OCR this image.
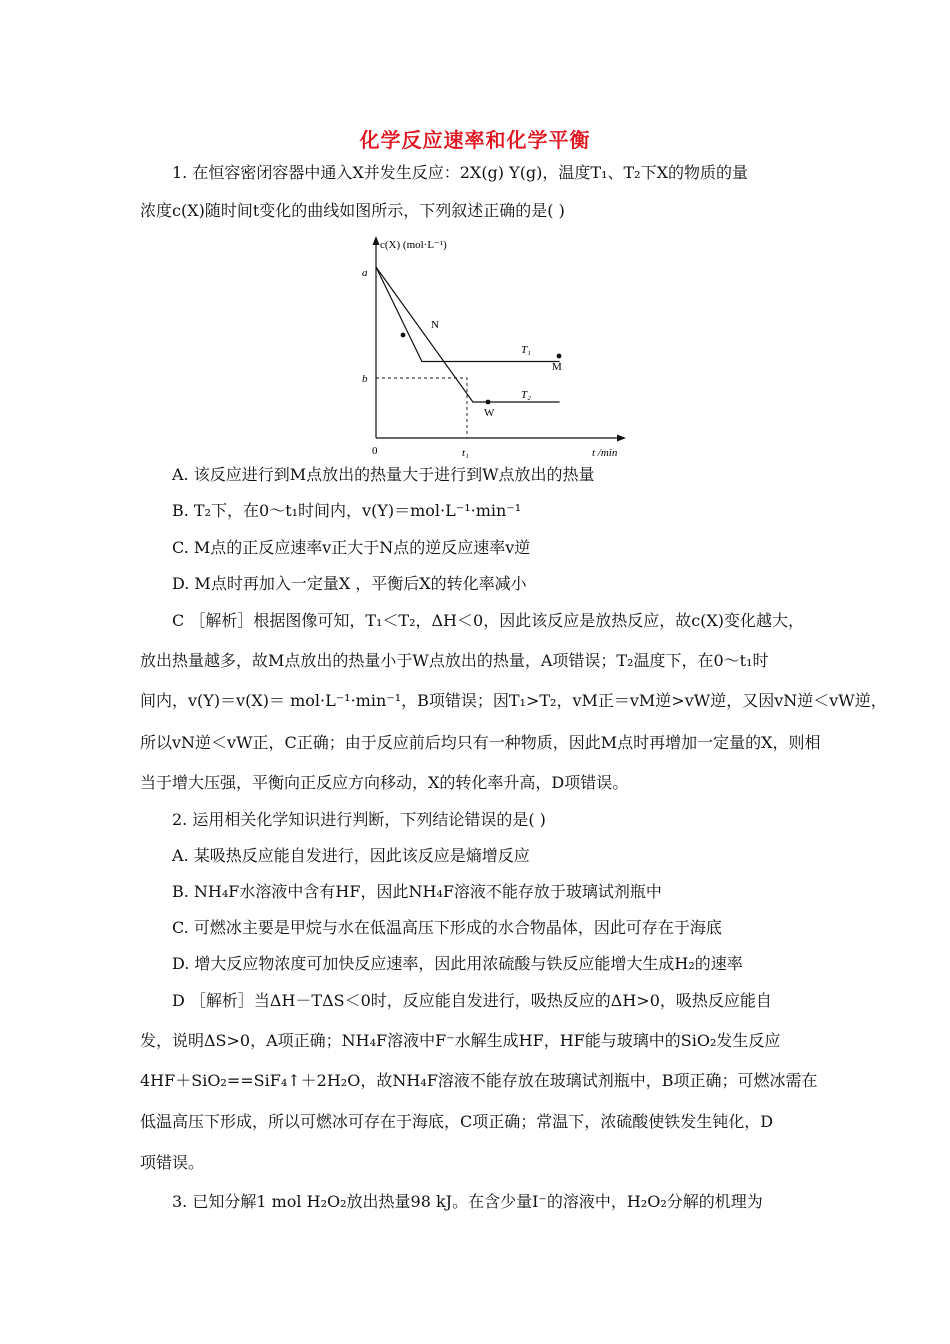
化学反应速率和化学平衡
1. 在恒容密闭容器中通入X并发生反应：2X(g) Y(g)，温度T₁、T₂下X的物质的量
浓度c(X)随时间t变化的曲线如图所示，下列叙述正确的是( )
c(X) (mol·L⁻¹)
t /min
0
a
b
t₁
N
M
W
T₁
T₂
A. 该反应进行到M点放出的热量大于进行到W点放出的热量
B. T₂下，在0～t₁时间内，v(Y)＝mol·L⁻¹·min⁻¹
C. M点的正反应速率v正大于N点的逆反应速率v逆
D. M点时再加入一定量X ，平衡后X的转化率减小
C ［解析］根据图像可知，T₁＜T₂，ΔH＜0，因此该反应是放热反应，故c(X)变化越大，
放出热量越多，故M点放出的热量小于W点放出的热量，A项错误；T₂温度下，在0～t₁时
间内，v(Y)＝v(X)＝ mol·L⁻¹·min⁻¹，B项错误；因T₁>T₂，vM正＝vM逆>vW逆，又因vN逆＜vW逆，
所以vN逆＜vW正，C正确；由于反应前后均只有一种物质，因此M点时再增加一定量的X，则相
当于增大压强，平衡向正反应方向移动，X的转化率升高，D项错误。
2. 运用相关化学知识进行判断，下列结论错误的是( )
A. 某吸热反应能自发进行，因此该反应是熵增反应
B. NH₄F水溶液中含有HF，因此NH₄F溶液不能存放于玻璃试剂瓶中
C. 可燃冰主要是甲烷与水在低温高压下形成的水合物晶体，因此可存在于海底
D. 增大反应物浓度可加快反应速率，因此用浓硫酸与铁反应能增大生成H₂的速率
D ［解析］当ΔH－TΔS＜0时，反应能自发进行，吸热反应的ΔH>0，吸热反应能自
发，说明ΔS>0，A项正确；NH₄F溶液中F⁻水解生成HF，HF能与玻璃中的SiO₂发生反应
4HF＋SiO₂==SiF₄↑＋2H₂O，故NH₄F溶液不能存放在玻璃试剂瓶中，B项正确；可燃冰需在
低温高压下形成，所以可燃冰可存在于海底，C项正确；常温下，浓硫酸使铁发生钝化，D
项错误。
3. 已知分解1 mol H₂O₂放出热量98 kJ。在含少量I⁻的溶液中，H₂O₂分解的机理为
